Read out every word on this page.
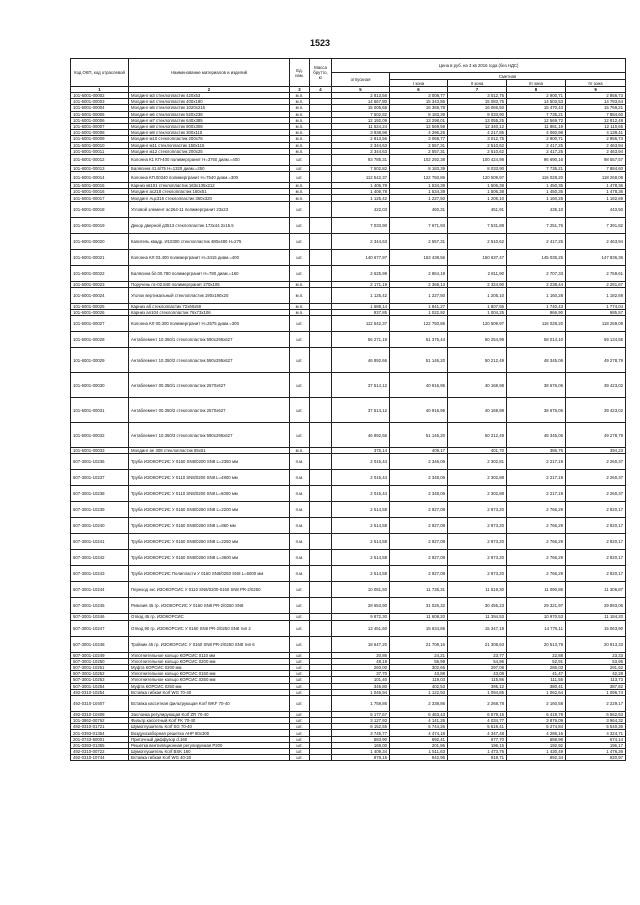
1523
Код ОКП, код отраслевой	Наименование материалов и изделий	Ед. изм.	Масса брутто, кг	Цена в руб. на 3 кв 2016 года (без НДС)				
				отпускная	Сметная			
					I зона	II зона	III зона	IV зона
1	2	3	4	5	6	7	8	9
101-6001-00002	Молдинг м3 стеклопластик 420х53	м.п.		2 813,56	3 008,77	3 012,75	2 900,71	2 856,73
101-6001-00003	Молдинг м4 стеклопластик 400х180	м.п.		14 667,80	15 343,86	15 083,75	14 503,53	14 783,64
101-6001-00004	Молдинг м5 стеклопластик 1020х215	м.п.		15 005,65	16 368,78	16 066,50	15 470,43	15 769,21
101-6001-00005	Молдинг м6 стеклопластик 520х238	м.п.		7 502,82	8 183,39	8 033,90	7 735,21	7 884,60
101-6001-00006	Молдинг м7 стеклопластик 640х385	м.п.		12 192,09	13 298,01	13 055,25	12 569,72	12 812,48
101-6001-00007	Молдинг м8 стеклопластик 800х308	м.п.		11 524,24	12 569,59	12 340,12	11 881,19	12 110,65
101-6001-00008	Молдинг м9 стеклопластик 300х115	м.п.		3 938,98	4 296,26	4 217,85	4 060,98	4 139,41
101-6001-00009	Молдинг м10 стеклопластик 200х76	м.п.		2 813,56	3 068,77	3 012,75	2 900,71	2 956,73
101-6001-00010	Молдинг м11 стеклопластик 150х115	м.п.		2 344,63	2 557,31	2 510,62	2 417,25	2 463,94
101-6001-00011	Молдинг м12 стеклопластик 200х25	м.п.		2 344,63	2 557,31	2 510,62	2 417,25	2 463,94
101-6001-00012	Колонна К1 КП-400 полимергранит Н=3760 диам.=400	шт.		93 785,31	102 292,38	100 424,98	96 690,16	98 557,57
101-6001-00013	Балясина 41.6/75 Н=1320 диам.=250	шт.		7 502,82	8 183,39	8 033,90	7 735,21	7 884,60
101-6001-00014	Колонна КП.00340 полимергранит Н=7540 диам.=300	шт.		112 542,37	122 750,86	120 509,97	116 028,20	118 268,08
101-6001-00015	Карниз кв101 стеклопластик 163х135х212	м.п.		1 406,78	1 534,39	1 506,38	1 450,35	1 478,36
101-6001-00016	Молдинг ас218 стеклопластик 160х51	м.п.		1 406,78	1 534,39	1 506,38	1 450,35	1 478,36
101-6001-00017	Молдинг Ацс315 стеклопластик 360х320	м.п.		1 125,42	1 227,50	1 205,10	1 160,28	1 182,69
101-6001-00018	Угловой элемент ас264-11 полимергранит 23х23	шт.		422,03	460,31	451,91	435,10	443,50
101-6001-00019	Декор дверной д3513 стеклопластик 173х44 2х15.5	шт.		7 033,90	7 671,93	7 531,88	7 251,76	7 391,82
101-6001-00020	Капитель квадр. И10300 стеклопластик 480х480 Н=275	шт.		2 344,63	2 557,31	2 510,62	2 417,25	2 463,94
101-6001-00021	Колонна КЛ 03.400 полимергранит Н=3415 диам.=400	шт.		140 677,97	153 438,56	150 637,47	145 035,25	147 836,36
101-6001-00022	Балясина бл.00.780 полимергранит Н=780 диам.=160	шт.		2 625,99	2 864,19	2 811,90	2 707,33	2 759,61
101-6001-00023	Поручень пс-02.840 полимергранит 270х105	м.п.		2 171,19	2 368,13	2 324,90	2 238,44	2 281,67
101-6001-00024	Уголок вертикальный стеклопластик 190х190х20	м.п.		1 125,42	1 227,50	1 205,10	1 160,28	1 182,69
101-6001-00025	Карниз аб стеклопластик 72х60х58	м.п.		1 688,14	1 841,27	1 807,65	1 740,43	1 774,04
101-6001-00026	Карниз ал104 стеклопластик 76х73х106	м.п.		937,85	1 022,92	1 004,25	966,90	985,57
101-6001-00027	Колонна КЛ 00.300 полимергранит Н=2575 диам.=300	шт.		112 542,37	122 750,86	120 509,97	116 028,20	118 269,08
101-6001-00028	Антаблемент 10.350/1 стеклопластик 590х295х627	шт.		56 271,19	61 375,44	60 254,99	58 014,10	59 134,55
101-6001-00029	Антаблемент 10.350/2 стеклопластик 590х295х627	шт.		46 892,66	51 146,20	50 212,49	48 345,06	49 278,79
101-6001-00030	Антаблемент 00.350/1 стеклопластик 2670х627	шт.		37 514,12	40 916,95	40 169,98	38 676,06	39 423,02
101-6001-00031	Антаблемент 00.350/2 стеклопластик 2670х627	шт.		37 514,12	40 916,95	40 169,98	38 676,06	39 423,02
101-6001-00032	Антаблемент 10.350/3 стеклопластик 590х295х627	шт.		46 892,66	51 146,20	50 212,49	48 345,06	49 278,79
101-6001-00033	Молдинг ае 308 стеклопластик 85х51	м.п.		375,14	409,17	401,70	386,76	394,23
507-3001-10236	Труба ИЗОКОРСИС У 0160 SN8/0200 SN8 L=2350 мм	п.м.		2 015,44	2 346,06	2 302,81	2 217,19	2 260,37
507-3001-10237	Труба ИЗОКОРСИС У 0110 SN8/0200 SN8 L=4800 мм	п.м.		2 015,44	2 348,06	2 302,88	2 217,19	2 260,37
507-3001-10238	Труба ИЗОКОРСИС У 0110 SN8/0200 SN8 L=6000 мм	п.м.		2 015,44	2 348,06	2 302,88	2 217,19	2 260,37
507-3001-10239	Труба ИЗОКОРСИС У 0160 SN8/0250 SN8 L=2200 мм	п.м.		2 514,58	2 927,08	2 873,20	2 766,29	2 820,17
507-3001-10240	Труба ИЗОКОРСИС У 0160 SN8/0250 SN8 L=860 мм	п.м.		2 514,58	2 927,08	2 873,20	2 766,29	2 820,17
507-3001-10241	Труба ИЗОКОРСИС У 0160 SN8/0250 SN8 L=2250 мм	п.м.		2 514,58	2 927,08	2 873,20	2 766,29	2 820,17
507-3001-10242	Труба ИЗОКОРСИС У 0160 SN8/0250 SN8 L=3600 мм	п.м.		2 514,58	2 927,08	2 873,20	2 766,29	2 820,17
507-3001-10243	Труба ИЗОКОРСИС Полипласти У 0160 SN8/0250 SN8 L=6000 мм	п.м.		2 514,58	2 927,08	2 873,20	2 766,29	2 820,17
507-3001-10244	Переход экс ИЗОКОРСИС У 0110 SN8/0200-0160 SN8 PR-2/0250	шт.		10 081,50	11 735,31	11 519,30	11 090,86	11 306,87
507-3001-10245	Ревизия 45 гр. ИЗОКОРСИС У 0160 SN8 PR-2/0250 SN8	шт.		28 653,90	31 026,32	30 455,23	29 321,97	29 893,06
507-3001-10246	Отвод 45 гр. ИЗОКОРСИС	шт.		9 872,30	11 608,20	11 394,53	10 970,53	11 184,20
507-3001-10247	Отвод 90 гр. ИЗОКОРСИС У 0160 SN8 PR-2/0250 SN8 тип 2	шт.		13 451,60	15 634,86	15 347,19	14 776,11	15 063,90
507-3001-10248	Тройник 45 гр. ИЗОКОРСИС У 0160 SN8 PR-2/0250 SN8 тип 6	шт.		18 647,20	21 708,16	21 308,63	20 513,79	20 913,33
507-3001-10249	Уплотнительное кольцо КОРСИС 0110 мм	шт.		20,86	24,21	23,77	22,88	23,33
507-3001-10250	Уплотнительное кольцо КОРСИС 0200 мм	шт.		48,19	55,99	54,96	52,91	53,95
507-3001-10251	Муфта КОРСИС 0200 мм	шт.		260,00	302,65	297,08	286,03	291,62
507-3001-10252	Уплотнительное кольцо КОРСИС 0160 мм	шт.		37,70	43,88	43,08	41,47	42,28
507-3001-10253	Уплотнительное кольцо КОРСИС 0250 мм	шт.		101,40	118,03	115,86	111,55	113,73
507-3001-10254	Муфта КОРСИС 0250 мм	шт.		345,80	402,53	395,12	380,41	387,82
492-0310-10254	Вставка гибкая Korf WG 70-40	шт.		1 046,94	1 122,93	1 094,85	1 062,64	1 096,74
492-0310-10407	Вставка кассетная фильтрующая Korf WKF 70-40	шт.		1 759,86	2 338,86	2 268,78	2 160,58	2 229,17
492-0310-10408	Заслонка регулирующая Korf ZR 70-40	шт.		5 177,67	6 463,43	6 579,15	6 419,78	6 562,53
101-3862-00762	Фильтр кассетный Korf FK 70-40	шт.		3 127,93	4 141,26	4 034,77	3 876,09	3 964,32
492-0310-01721	Шумоглушитель Korf SG 70-40	шт.		6 152,55	5 744,26	5 619,41	5 274,84	5 540,36
201-0393-01354	Воздухозаборная решетка AHP 80х300	шт.		3 745,77	4 474,18	4 347,48	4 286,16	4 324,71
201-0743-50001	Приточный диффузор d.160	шт.		583,90	692,41	677,70	659,98	674,14
201-0393-01355	Решетка вентиляционная регулируемая Р200	шт.		169,00	201,86	196,15	192,92	196,17
492-0310-00722	Шумоглушитель Korf BSK 160	шт.		1 409,34	1 511,63	1 473,76	1 430,49	1 476,36
492-0310-10744	Вставка гибкая Korf WG 40-20	шт.		879,15	942,96	919,71	892,34	920,97
